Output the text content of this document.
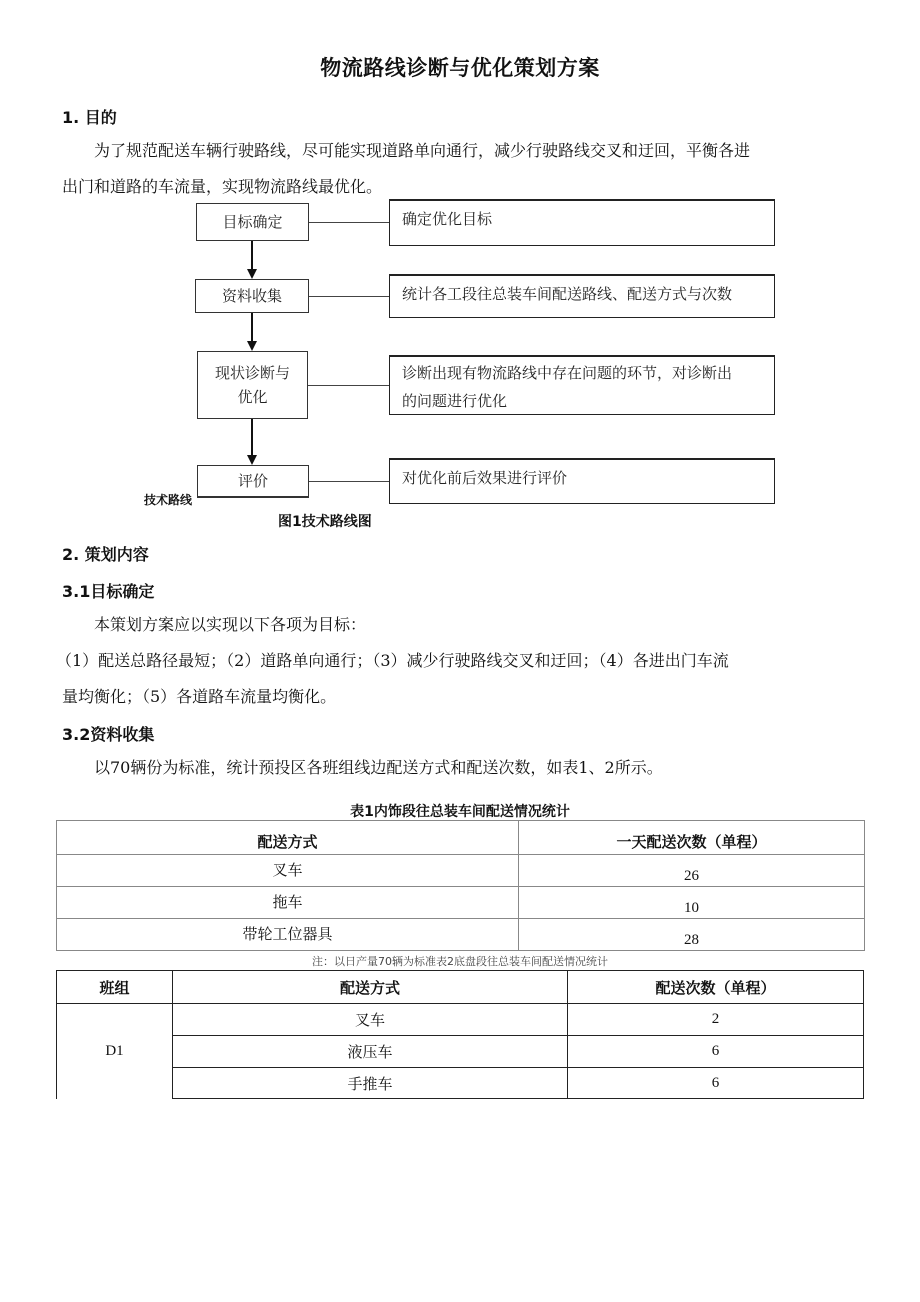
物流路线诊断与优化策划方案
1. 目的
为了规范配送车辆行驶路线，尽可能实现道路单向通行，减少行驶路线交叉和迂回，平衡各进
出门和道路的车流量，实现物流路线最优化。
目标确定
资料收集
现状诊断与
优化
评价
确定优化目标
统计各工段往总装车间配送路线、配送方式与次数
诊断出现有物流路线中存在问题的环节，对诊断出
的问题进行优化
对优化前后效果进行评价
技术路线
图1技术路线图
2. 策划内容
3.1目标确定
本策划方案应以实现以下各项为目标：
（1）配送总路径最短；（2）道路单向通行；（3）减少行驶路线交叉和迂回；（4）各进出门车流
量均衡化；（5）各道路车流量均衡化。
3.2资料收集
以70辆份为标准，统计预投区各班组线边配送方式和配送次数，如表1、2所示。
表1内饰段往总装车间配送情况统计
配送方式	一天配送次数（单程）
叉车	26
拖车	10
带轮工位器具	28
注：以日产量70辆为标准表2底盘段往总装车间配送情况统计
班组	配送方式	配送次数（单程）
D1	叉车	2
	液压车	6
	手推车	6
